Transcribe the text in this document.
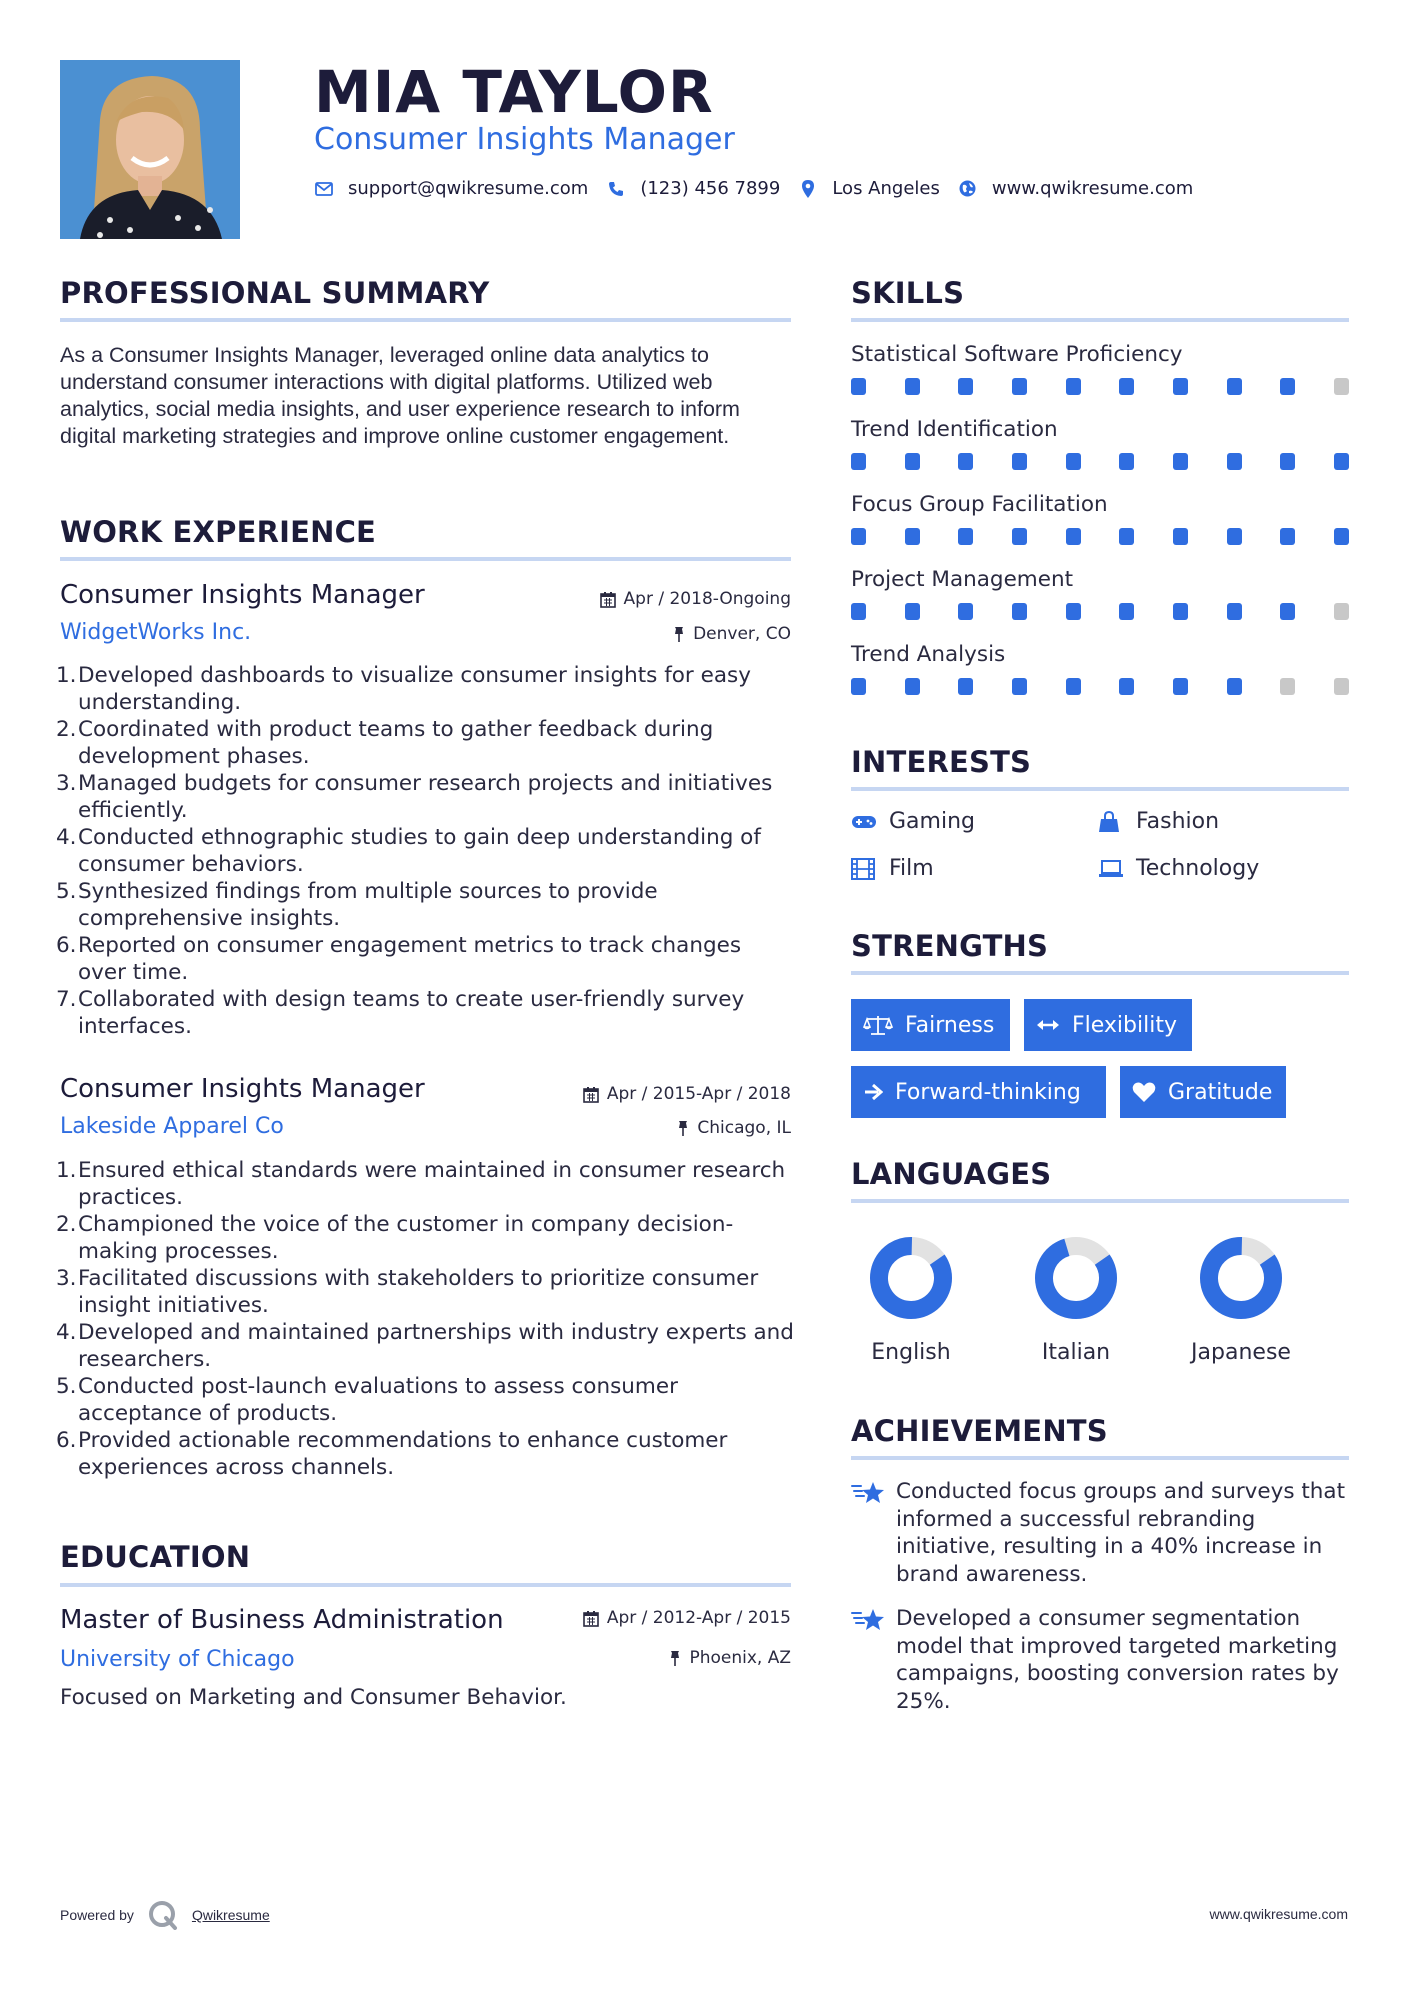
MIA TAYLOR
Consumer Insights Manager
support@qwikresume.com	(123) 456 7899	Los Angeles	www.qwikresume.com
PROFESSIONAL SUMMARY
As a Consumer Insights Manager, leveraged online data analytics to understand consumer interactions with digital platforms. Utilized web analytics, social media insights, and user experience research to inform digital marketing strategies and improve online customer engagement.
WORK EXPERIENCE
Consumer Insights Manager
WidgetWorks Inc.
Apr / 2018-Ongoing
Denver, CO
1. Developed dashboards to visualize consumer insights for easy understanding.
2. Coordinated with product teams to gather feedback during development phases.
3. Managed budgets for consumer research projects and initiatives efficiently.
4. Conducted ethnographic studies to gain deep understanding of consumer behaviors.
5. Synthesized findings from multiple sources to provide comprehensive insights.
6. Reported on consumer engagement metrics to track changes over time.
7. Collaborated with design teams to create user-friendly survey interfaces.
Consumer Insights Manager
Lakeside Apparel Co
Apr / 2015-Apr / 2018
Chicago, IL
1. Ensured ethical standards were maintained in consumer research practices.
2. Championed the voice of the customer in company decision-making processes.
3. Facilitated discussions with stakeholders to prioritize consumer insight initiatives.
4. Developed and maintained partnerships with industry experts and researchers.
5. Conducted post-launch evaluations to assess consumer acceptance of products.
6. Provided actionable recommendations to enhance customer experiences across channels.
EDUCATION
Master of Business Administration
University of Chicago
Apr / 2012-Apr / 2015
Phoenix, AZ
Focused on Marketing and Consumer Behavior.
SKILLS
Statistical Software Proficiency
Trend Identification
Focus Group Facilitation
Project Management
Trend Analysis
INTERESTS
Gaming	Fashion
Film	Technology
STRENGTHS
Fairness	Flexibility
Forward-thinking	Gratitude
LANGUAGES
English	Italian	Japanese
ACHIEVEMENTS
Conducted focus groups and surveys that informed a successful rebranding initiative, resulting in a 40% increase in brand awareness.
Developed a consumer segmentation model that improved targeted marketing campaigns, boosting conversion rates by 25%.
Powered by	Qwikresume	www.qwikresume.com
